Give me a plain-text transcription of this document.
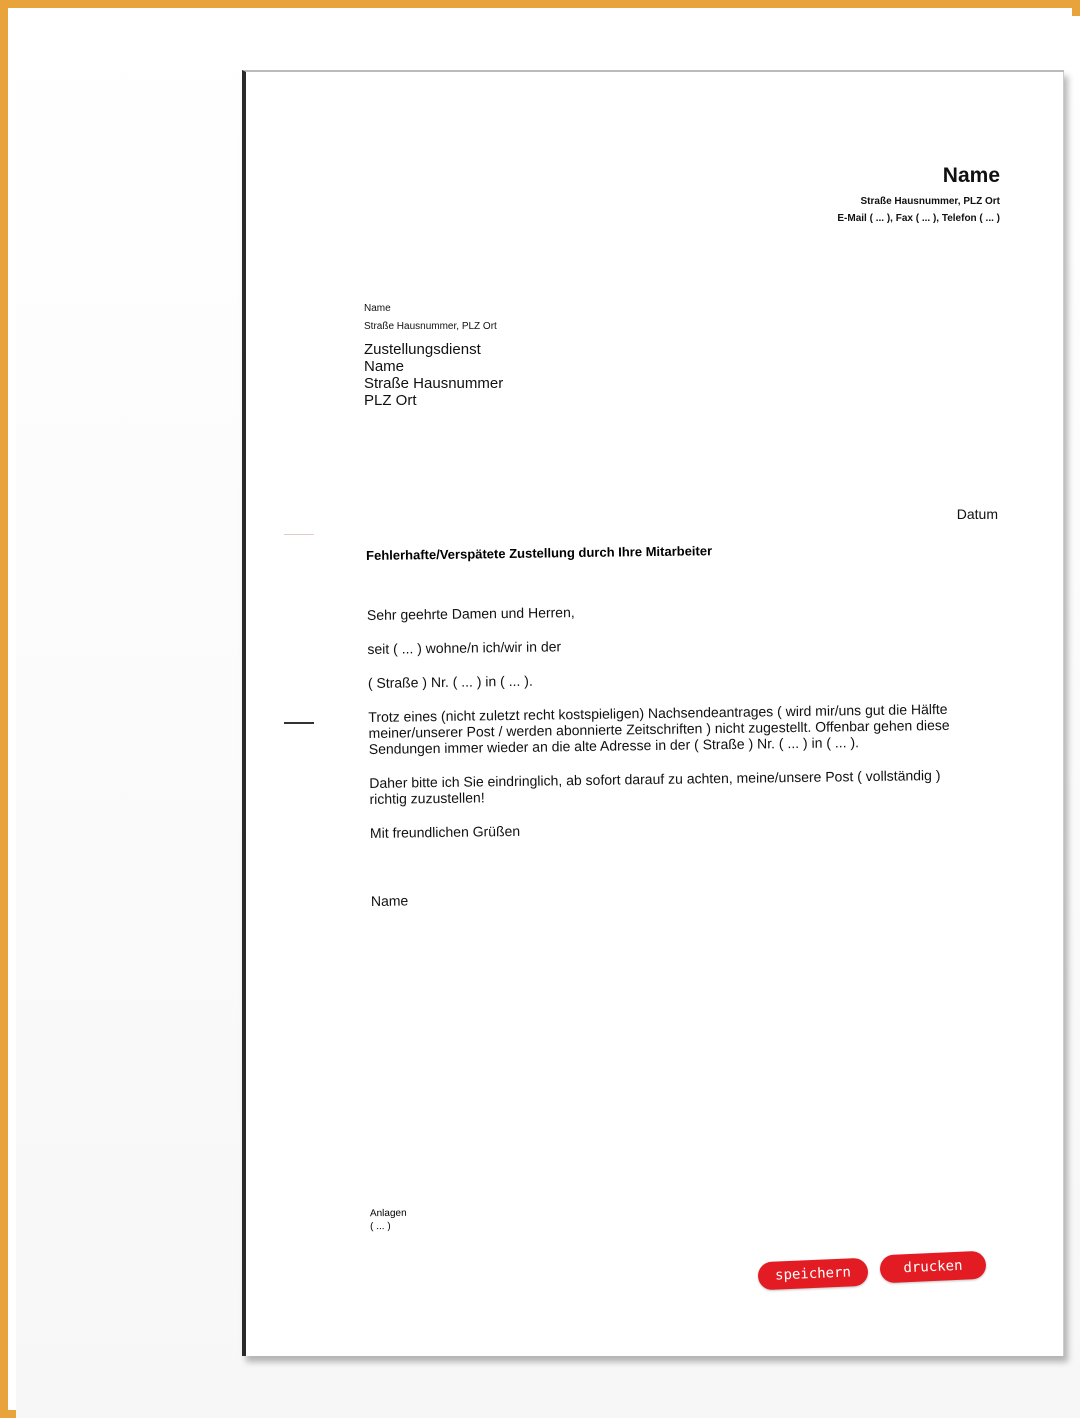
Name
Straße Hausnummer, PLZ Ort
E-Mail ( ... ), Fax ( ... ), Telefon ( ... )
Name
Straße Hausnummer, PLZ Ort
Zustellungsdienst
Name
Straße Hausnummer
PLZ Ort
Datum
Fehlerhafte/Verspätete Zustellung durch Ihre Mitarbeiter

Sehr geehrte Damen und Herren,

seit ( ... ) wohne/n ich/wir in der

( Straße ) Nr. ( ... ) in ( ... ).

Trotz eines (nicht zuletzt recht kostspieligen) Nachsendeantrages ( wird mir/uns gut die Hälfte meiner/unserer Post / werden abonnierte Zeitschriften ) nicht zugestellt. Offenbar gehen diese Sendungen immer wieder an die alte Adresse in der ( Straße ) Nr. ( ... ) in ( ... ).

Daher bitte ich Sie eindringlich, ab sofort darauf zu achten, meine/unsere Post ( vollständig ) richtig zuzustellen!

Mit freundlichen Grüßen

Name

Anlagen
( ... )
speichern	drucken
